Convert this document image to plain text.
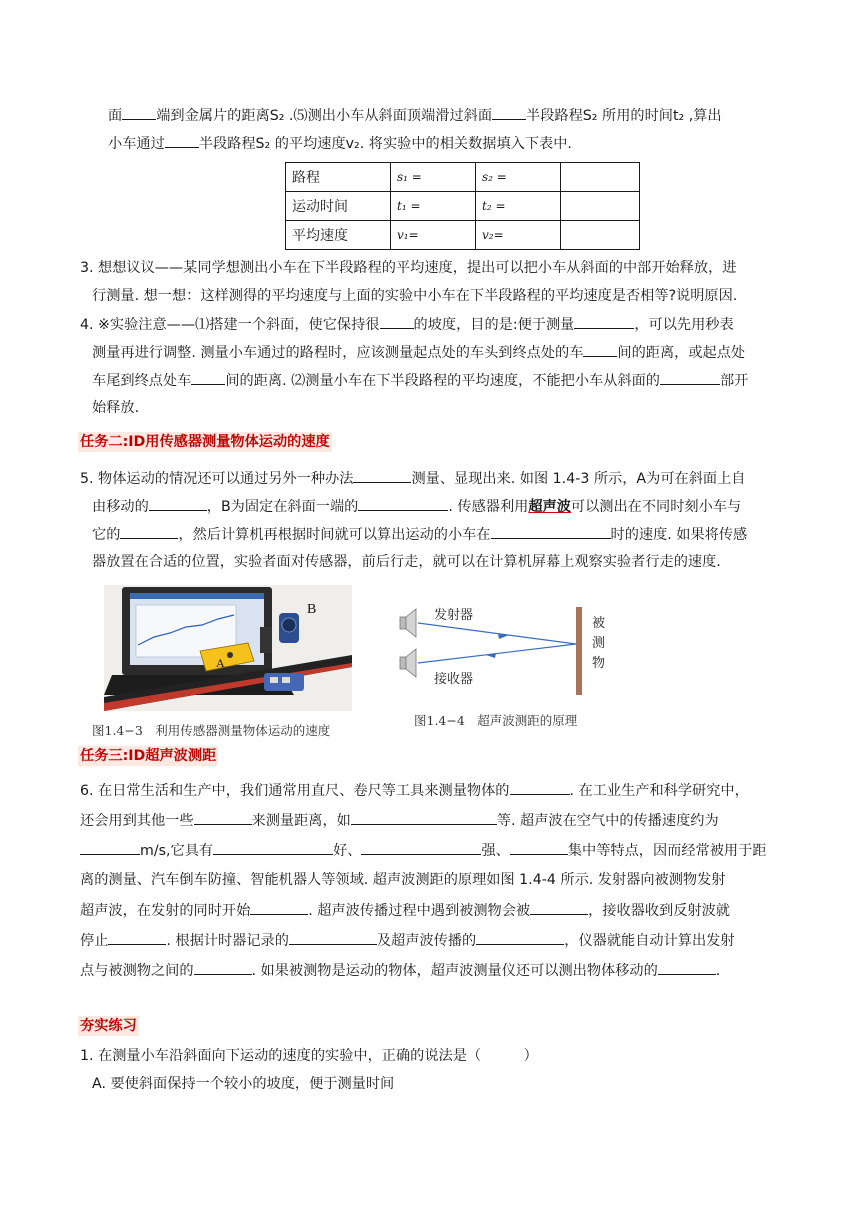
面 端到金属片的距离S₂ .⑸测出小车从斜面顶端滑过斜面 半段路程S₂ 所用的时间t₂ ,算出
小车通过 半段路程S₂ 的平均速度v₂. 将实验中的相关数据填入下表中.
路程	s₁ =	s₂ =	
运动时间	t₁ =	t₂ =	
平均速度	v₁=	v₂=	
3. 想想议议——某同学想测出小车在下半段路程的平均速度，提出可以把小车从斜面的中部开始释放，进
行测量. 想一想：这样测得的平均速度与上面的实验中小车在下半段路程的平均速度是否相等?说明原因.
4. ※实验注意——⑴搭建一个斜面，使它保持很 的坡度，目的是:便于测量	，可以先用秒表
测量再进行调整. 测量小车通过的路程时，应该测量起点处的车头到终点处的车 间的距离，或起点处
车尾到终点处车 间的距离. ⑵测量小车在下半段路程的平均速度，不能把小车从斜面的	部开
始释放.
任务二:ID用传感器测量物体运动的速度
5. 物体运动的情况还可以通过另外一种办法	测量、显现出来. 如图 1.4-3 所示，A为可在斜面上自
由移动的	，B为固定在斜面一端的	. 传感器利用超声波可以测出在不同时刻小车与
它的	，然后计算机再根据时间就可以算出运动的小车在	时的速度. 如果将传感
器放置在合适的位置，实验者面对传感器，前后行走，就可以在计算机屏幕上观察实验者行走的速度.
B
A
图1.4−3　利用传感器测量物体运动的速度
发射器
接收器
被
测
物
图1.4−4　超声波测距的原理
任务三:ID超声波测距
6. 在日常生活和生产中，我们通常用直尺、卷尺等工具来测量物体的	. 在工业生产和科学研究中，
还会用到其他一些	来测量距离，如	等. 超声波在空气中的传播速度约为
m/s,它具有	好、	强、	集中等特点，因而经常被用于距
离的测量、汽车倒车防撞、智能机器人等领域. 超声波测距的原理如图 1.4-4 所示. 发射器向被测物发射
超声波，在发射的同时开始	. 超声波传播过程中遇到被测物会被	，接收器收到反射波就
停止	. 根据计时器记录的	及超声波传播的	，仪器就能自动计算出发射
点与被测物之间的	. 如果被测物是运动的物体，超声波测量仪还可以测出物体移动的	.
夯实练习
1. 在测量小车沿斜面向下运动的速度的实验中，正确的说法是（　　　）
A. 要使斜面保持一个较小的坡度，便于测量时间
